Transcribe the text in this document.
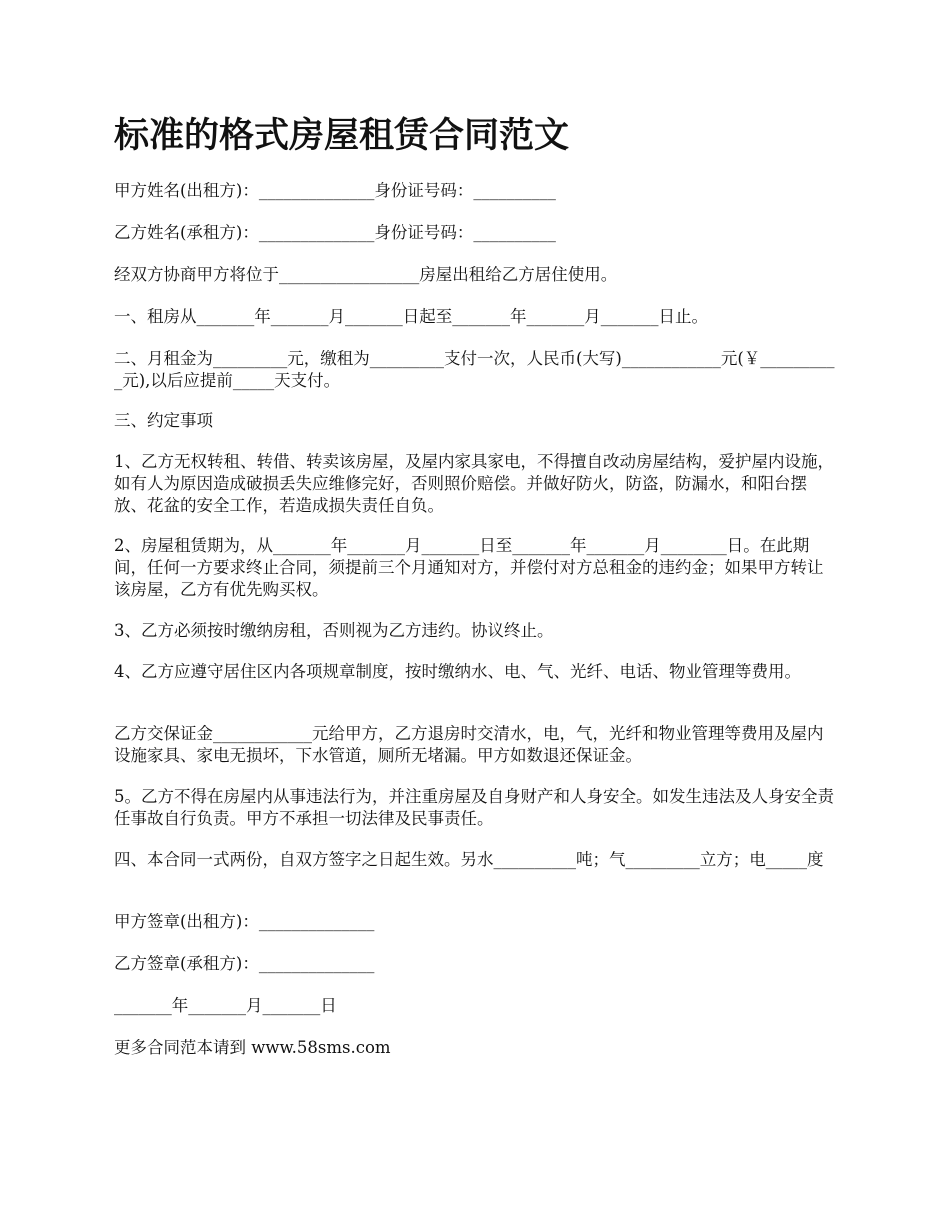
标准的格式房屋租赁合同范文

甲方姓名(出租方)：______________身份证号码：__________

乙方姓名(承租方)：______________身份证号码：__________

经双方协商甲方将位于_________________房屋出租给乙方居住使用。

一、租房从_______年_______月_______日起至_______年_______月_______日止。

二、月租金为_________元，缴租为_________支付一次，人民币(大写)____________元(￥__________元),以后应提前_____天支付。

三、约定事项

1、乙方无权转租、转借、转卖该房屋，及屋内家具家电，不得擅自改动房屋结构，爱护屋内设施，如有人为原因造成破损丢失应维修完好，否则照价赔偿。并做好防火，防盗，防漏水，和阳台摆放、花盆的安全工作，若造成损失责任自负。

2、房屋租赁期为，从_______年_______月_______日至_______年_______月________日。在此期间，任何一方要求终止合同，须提前三个月通知对方，并偿付对方总租金的违约金；如果甲方转让该房屋，乙方有优先购买权。

3、乙方必须按时缴纳房租，否则视为乙方违约。协议终止。

4、乙方应遵守居住区内各项规章制度，按时缴纳水、电、气、光纤、电话、物业管理等费用。

乙方交保证金____________元给甲方，乙方退房时交清水，电，气，光纤和物业管理等费用及屋内设施家具、家电无损坏，下水管道，厕所无堵漏。甲方如数退还保证金。

5。乙方不得在房屋内从事违法行为，并注重房屋及自身财产和人身安全。如发生违法及人身安全责任事故自行负责。甲方不承担一切法律及民事责任。

四、本合同一式两份，自双方签字之日起生效。另水__________吨；气_________立方；电_____度

甲方签章(出租方)：______________

乙方签章(承租方)：______________

_______年_______月_______日

更多合同范本请到 www.58sms.com
